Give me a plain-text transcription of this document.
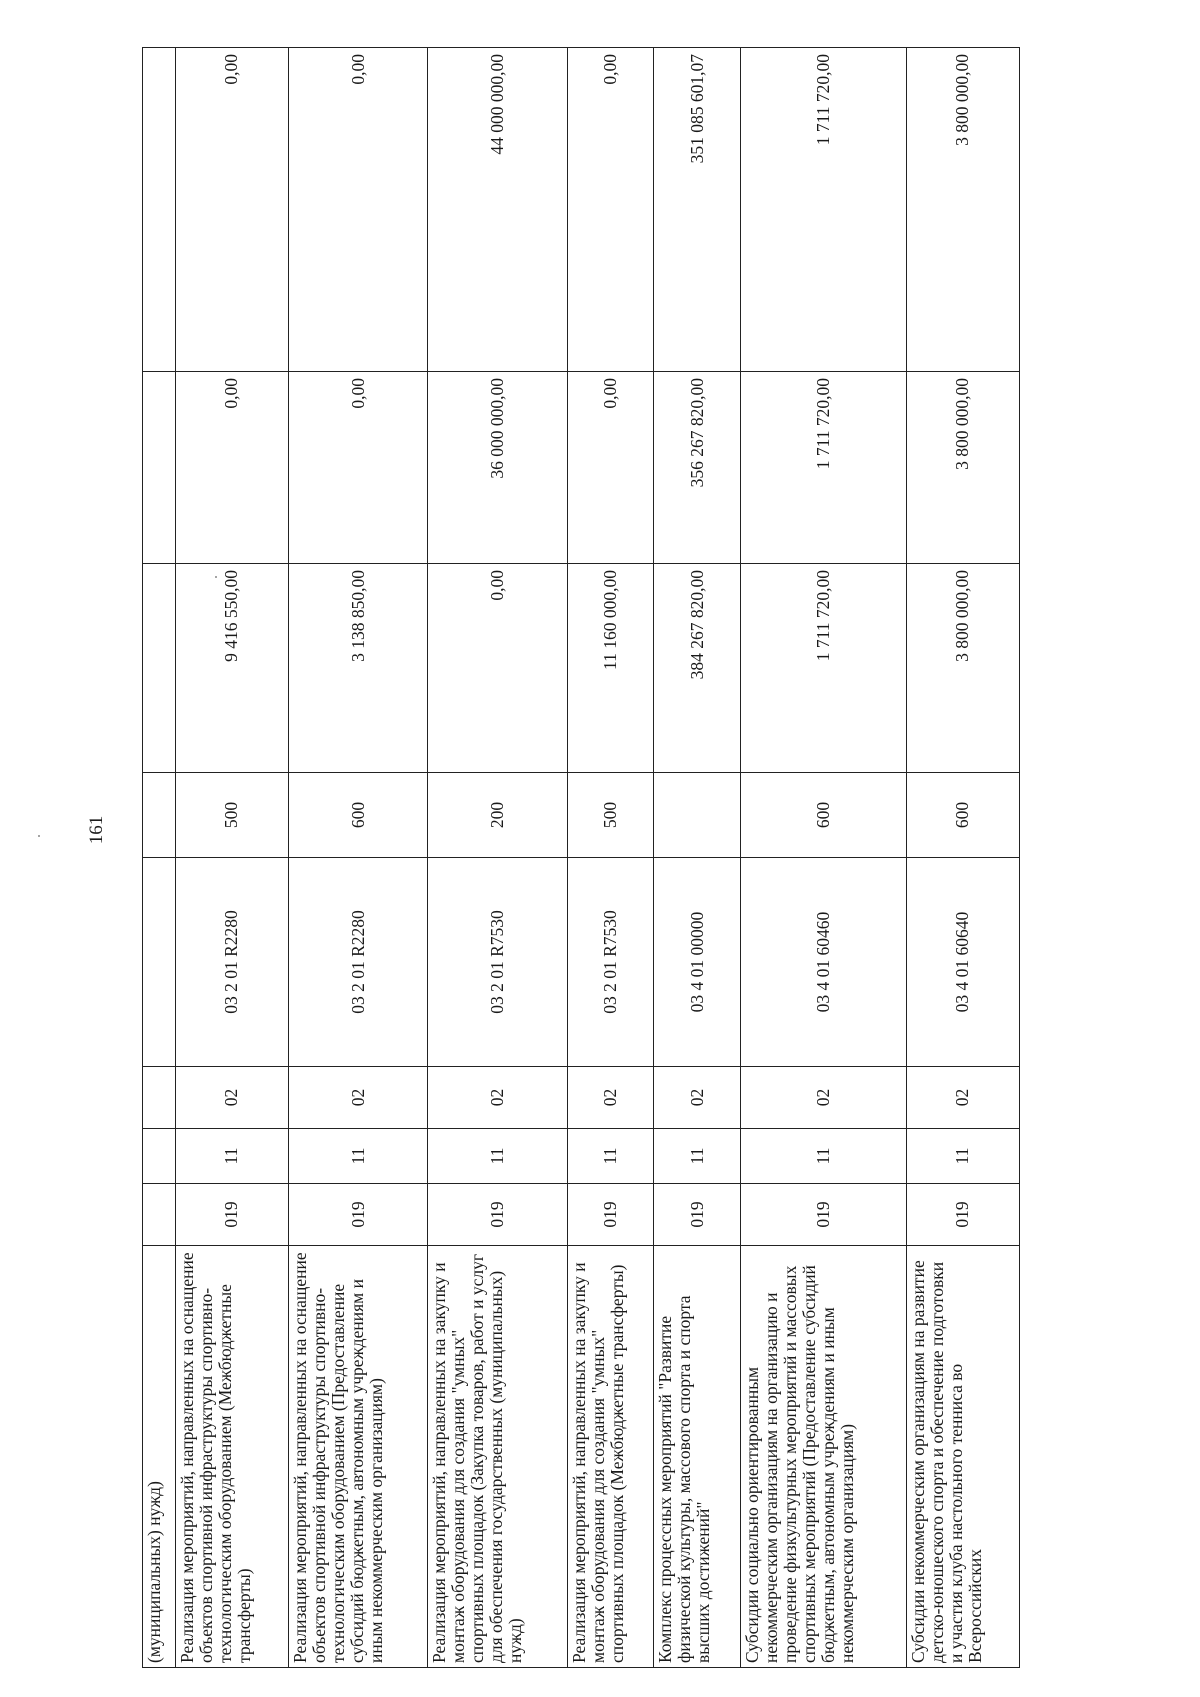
161
(муниципальных) нужд)								
Реализация мероприятий, направленных на оснащение объектов спортивной инфраструктуры спортивно-технологическим оборудованием (Межбюджетные трансферты)	019	11	02	03 2 01 R2280	500	9 416 550,00	0,00	0,00
Реализация мероприятий, направленных на оснащение объектов спортивной инфраструктуры спортивно-технологическим оборудованием (Предоставление субсидий бюджетным, автономным учреждениям и иным некоммерческим организациям)	019	11	02	03 2 01 R2280	600	3 138 850,00	0,00	0,00
Реализация мероприятий, направленных на закупку и монтаж оборудования для создания "умных" спортивных площадок (Закупка товаров, работ и услуг для обеспечения государственных (муниципальных) нужд)	019	11	02	03 2 01 R7530	200	0,00	36 000 000,00	44 000 000,00
Реализация мероприятий, направленных на закупку и монтаж оборудования для создания "умных" спортивных площадок (Межбюджетные трансферты)	019	11	02	03 2 01 R7530	500	11 160 000,00	0,00	0,00
Комплекс процессных мероприятий "Развитие физической культуры, массового спорта и спорта высших достижений"	019	11	02	03 4 01 00000		384 267 820,00	356 267 820,00	351 085 601,07
Субсидии социально ориентированным некоммерческим организациям на организацию и проведение физкультурных мероприятий и массовых спортивных мероприятий (Предоставление субсидий бюджетным, автономным учреждениям и иным некоммерческим организациям)	019	11	02	03 4 01 60460	600	1 711 720,00	1 711 720,00	1 711 720,00
Субсидии некоммерческим организациям на развитие детско-юношеского спорта и обеспечение подготовки и участия клуба настольного тенниса во Всероссийских	019	11	02	03 4 01 60640	600	3 800 000,00	3 800 000,00	3 800 000,00
